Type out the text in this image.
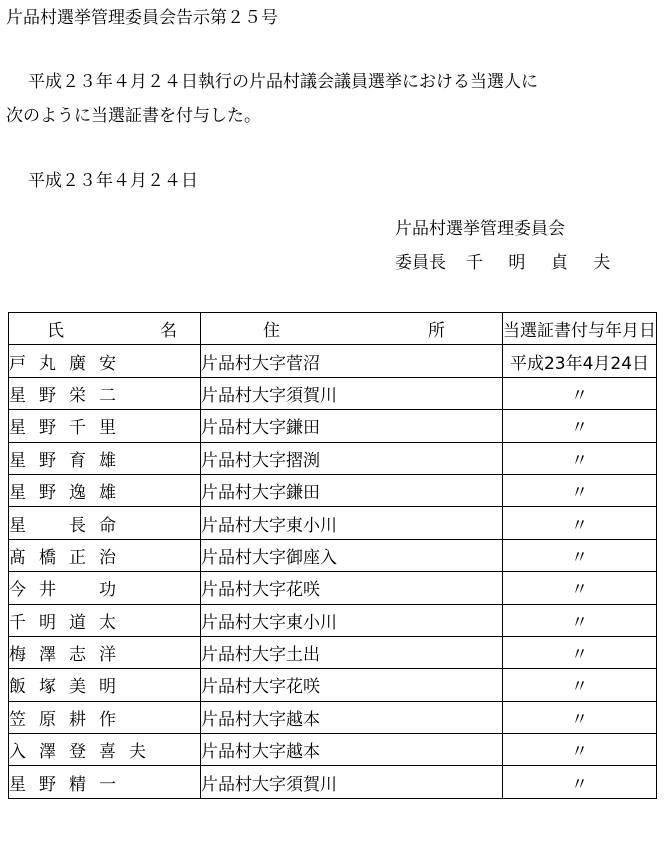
片品村選挙管理委員会告示第２５号

平成２３年４月２４日執行の片品村議会議員選挙における当選人に

次のように当選証書を付与した。

平成２３年４月２４日

片品村選挙管理委員会

委員長 千 明 貞 夫

氏 名	住 所	当選証書付与年月日
戸丸廣安	片品村大字菅沼	平成23年4月24日
星野栄二	片品村大字須賀川	〃
星野千里	片品村大字鎌田	〃
星野育雄	片品村大字摺渕	〃
星野逸雄	片品村大字鎌田	〃
星　長命	片品村大字東小川	〃
髙橋正治	片品村大字御座入	〃
今井　功	片品村大字花咲	〃
千明道太	片品村大字東小川	〃
梅澤志洋	片品村大字土出	〃
飯塚美明	片品村大字花咲	〃
笠原耕作	片品村大字越本	〃
入澤登喜夫	片品村大字越本	〃
星野精一	片品村大字須賀川	〃
